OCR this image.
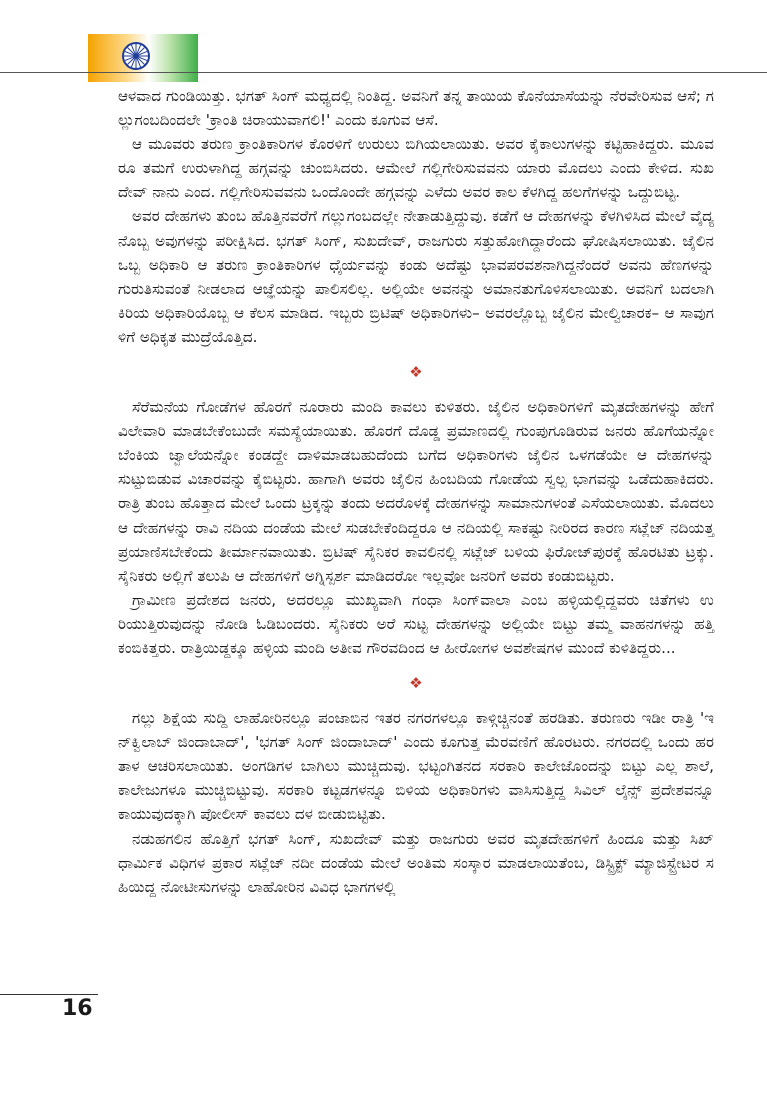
ಆಳವಾದ ಗುಂಡಿಯಿತ್ತು. ಭಗತ್ ಸಿಂಗ್ ಮಧ್ಯದಲ್ಲಿ ನಿಂತಿದ್ದ. ಅವನಿಗೆ ತನ್ನ ತಾಯಿಯ ಕೊನೆಯಾಸೆಯನ್ನು ನೆರವೇರಿಸುವ ಆಸೆ; ಗಲ್ಲುಗಂಬದಿಂದಲೇ 'ಕ್ರಾಂತಿ ಚಿರಾಯುವಾಗಲಿ!' ಎಂದು ಕೂಗುವ ಆಸೆ.

ಆ ಮೂವರು ತರುಣ ಕ್ರಾಂತಿಕಾರಿಗಳ ಕೊರಳಿಗೆ ಉರುಲು ಬಿಗಿಯಲಾಯಿತು. ಅವರ ಕೈಕಾಲುಗಳನ್ನು ಕಟ್ಟಿಹಾಕಿದ್ದರು. ಮೂವರೂ ತಮಗೆ ಉರುಳಾಗಿದ್ದ ಹಗ್ಗವನ್ನು ಚುಂಬಿಸಿದರು. ಆಮೇಲೆ ಗಲ್ಲಿಗೇರಿಸುವವನು ಯಾರು ಮೊದಲು ಎಂದು ಕೇಳಿದ. ಸುಖದೇವ್ ನಾನು ಎಂದ. ಗಲ್ಲಿಗೇರಿಸುವವನು ಒಂದೊಂದೇ ಹಗ್ಗವನ್ನು ಎಳೆದು ಅವರ ಕಾಲ ಕೆಳಗಿದ್ದ ಹಲಗೆಗಳನ್ನು ಒದ್ದುಬಿಟ್ಟ.

ಅವರ ದೇಹಗಳು ತುಂಬ ಹೊತ್ತಿನವರೆಗೆ ಗಲ್ಲುಗಂಬದಲ್ಲೇ ನೇತಾಡುತ್ತಿದ್ದುವು. ಕಡೆಗೆ ಆ ದೇಹಗಳನ್ನು ಕೆಳಗಿಳಿಸಿದ ಮೇಲೆ ವೈದ್ಯನೊಬ್ಬ ಅವುಗಳನ್ನು ಪರೀಕ್ಷಿಸಿದ. ಭಗತ್ ಸಿಂಗ್, ಸುಖದೇವ್, ರಾಜಗುರು ಸತ್ತುಹೋಗಿದ್ದಾರೆಂದು ಘೋಷಿಸಲಾಯಿತು. ಜೈಲಿನ ಒಬ್ಬ ಅಧಿಕಾರಿ ಆ ತರುಣ ಕ್ರಾಂತಿಕಾರಿಗಳ ಧೈರ್ಯವನ್ನು ಕಂಡು ಅದೆಷ್ಟು ಭಾವಪರವಶನಾಗಿದ್ದನೆಂದರೆ ಅವನು ಹೆಣಗಳನ್ನು ಗುರುತಿಸುವಂತೆ ನೀಡಲಾದ ಆಜ್ಞೆಯನ್ನು ಪಾಲಿಸಲಿಲ್ಲ. ಅಲ್ಲಿಯೇ ಅವನನ್ನು ಅಮಾನತುಗೊಳಿಸಲಾಯಿತು. ಅವನಿಗೆ ಬದಲಾಗಿ ಕಿರಿಯ ಅಧಿಕಾರಿಯೊಬ್ಬ ಆ ಕೆಲಸ ಮಾಡಿದ. ಇಬ್ಬರು ಬ್ರಿಟಿಷ್ ಅಧಿಕಾರಿಗಳು– ಅವರಲ್ಲೊಬ್ಬ ಜೈಲಿನ ಮೇಲ್ವಿಚಾರಕ– ಆ ಸಾವುಗಳಿಗೆ ಅಧಿಕೃತ ಮುದ್ರೆಯೊತ್ತಿದ.

❖

ಸೆರೆಮನೆಯ ಗೋಡೆಗಳ ಹೊರಗೆ ನೂರಾರು ಮಂದಿ ಕಾವಲು ಕುಳಿತರು. ಜೈಲಿನ ಅಧಿಕಾರಿಗಳಿಗೆ ಮೃತದೇಹಗಳನ್ನು ಹೇಗೆ ವಿಲೇವಾರಿ ಮಾಡಬೇಕೆಂಬುದೇ ಸಮಸ್ಯೆಯಾಯಿತು. ಹೊರಗೆ ದೊಡ್ಡ ಪ್ರಮಾಣದಲ್ಲಿ ಗುಂಪುಗೂಡಿರುವ ಜನರು ಹೊಗೆಯನ್ನೋ ಬೆಂಕಿಯ ಜ್ವಾಲೆಯನ್ನೋ ಕಂಡದ್ದೇ ದಾಳಿಮಾಡಬಹುದೆಂದು ಬಗೆದ ಅಧಿಕಾರಿಗಳು ಜೈಲಿನ ಒಳಗಡೆಯೇ ಆ ದೇಹಗಳನ್ನು ಸುಟ್ಟುಬಿಡುವ ವಿಚಾರವನ್ನು ಕೈಬಿಟ್ಟರು. ಹಾಗಾಗಿ ಅವರು ಜೈಲಿನ ಹಿಂಬದಿಯ ಗೋಡೆಯ ಸ್ವಲ್ಪ ಭಾಗವನ್ನು ಒಡೆದುಹಾಕಿದರು. ರಾತ್ರಿ ತುಂಬ ಹೊತ್ತಾದ ಮೇಲೆ ಒಂದು ಟ್ರಕ್ಕನ್ನು ತಂದು ಅದರೊಳಕ್ಕೆ ದೇಹಗಳನ್ನು ಸಾಮಾನುಗಳಂತೆ ಎಸೆಯಲಾಯಿತು. ಮೊದಲು ಆ ದೇಹಗಳನ್ನು ರಾವಿ ನದಿಯ ದಂಡೆಯ ಮೇಲೆ ಸುಡಬೇಕೆಂದಿದ್ದರೂ ಆ ನದಿಯಲ್ಲಿ ಸಾಕಷ್ಟು ನೀರಿರದ ಕಾರಣ ಸಟ್ಲೆಜ್ ನದಿಯತ್ತ ಪ್ರಯಾಣಿಸಬೇಕೆಂದು ತೀರ್ಮಾನವಾಯಿತು. ಬ್ರಿಟಿಷ್ ಸೈನಿಕರ ಕಾವಲಿನಲ್ಲಿ ಸಟ್ಲೆಜ್ ಬಳಿಯ ಫಿರೋಜ್‌ಪುರಕ್ಕೆ ಹೊರಟಿತು ಟ್ರಕ್ಕು. ಸೈನಿಕರು ಅಲ್ಲಿಗೆ ತಲುಪಿ ಆ ದೇಹಗಳಿಗೆ ಅಗ್ನಿಸ್ಪರ್ಶ ಮಾಡಿದರೋ ಇಲ್ಲವೋ ಜನರಿಗೆ ಅವರು ಕಂಡುಬಿಟ್ಟರು.

ಗ್ರಾಮೀಣ ಪ್ರದೇಶದ ಜನರು, ಅದರಲ್ಲೂ ಮುಖ್ಯವಾಗಿ ಗಂಧಾ ಸಿಂಗ್‌ವಾಲಾ ಎಂಬ ಹಳ್ಳಿಯಲ್ಲಿದ್ದವರು ಚಿತೆಗಳು ಉರಿಯುತ್ತಿರುವುದನ್ನು ನೋಡಿ ಓಡಿಬಂದರು. ಸೈನಿಕರು ಅರೆ ಸುಟ್ಟ ದೇಹಗಳನ್ನು ಅಲ್ಲಿಯೇ ಬಿಟ್ಟು ತಮ್ಮ ವಾಹನಗಳನ್ನು ಹತ್ತಿ ಕಂಬಿಕಿತ್ತರು. ರಾತ್ರಿಯಿಡ್ದಕ್ಕೂ ಹಳ್ಳಿಯ ಮಂದಿ ಅತೀವ ಗೌರವದಿಂದ ಆ ಹೀರೋಗಳ ಅವಶೇಷಗಳ ಮುಂದೆ ಕುಳಿತಿದ್ದರು...

❖

ಗಲ್ಲು ಶಿಕ್ಷೆಯ ಸುದ್ದಿ ಲಾಹೋರಿನಲ್ಲೂ ಪಂಜಾಬಿನ ಇತರ ನಗರಗಳಲ್ಲೂ ಕಾಳ್ಗಿಚ್ಚಿನಂತೆ ಹರಡಿತು. ತರುಣರು ಇಡೀ ರಾತ್ರಿ 'ಇನ್‌ಕ್ವಿಲಾಬ್ ಜಿಂದಾಬಾದ್', 'ಭಗತ್ ಸಿಂಗ್ ಜಿಂದಾಬಾದ್' ಎಂದು ಕೂಗುತ್ತ ಮೆರವಣಿಗೆ ಹೊರಟರು. ನಗರದಲ್ಲಿ ಒಂದು ಹರತಾಳ ಆಚರಿಸಲಾಯಿತು. ಅಂಗಡಿಗಳ ಬಾಗಿಲು ಮುಚ್ಚಿದುವು. ಭಟ್ಟಂಗಿತನದ ಸರಕಾರಿ ಕಾಲೇಜೊಂದನ್ನು ಬಿಟ್ಟು ಎಲ್ಲ ಶಾಲೆ, ಕಾಲೇಜುಗಳೂ ಮುಚ್ಚಿಬಿಟ್ಟುವು. ಸರಕಾರಿ ಕಟ್ಟಡಗಳನ್ನೂ ಬಿಳಿಯ ಅಧಿಕಾರಿಗಳು ವಾಸಿಸುತ್ತಿದ್ದ ಸಿವಿಲ್ ಲೈನ್ಸ್ ಪ್ರದೇಶವನ್ನೂ ಕಾಯುವುದಕ್ಕಾಗಿ ಪೋಲೀಸ್ ಕಾವಲು ದಳ ಬೀಡುಬಿಟ್ಟಿತು.

ನಡುಹಗಲಿನ ಹೊತ್ತಿಗೆ ಭಗತ್ ಸಿಂಗ್, ಸುಖದೇವ್ ಮತ್ತು ರಾಜಗುರು ಅವರ ಮೃತದೇಹಗಳಿಗೆ ಹಿಂದೂ ಮತ್ತು ಸಿಖ್ ಧಾರ್ಮಿಕ ವಿಧಿಗಳ ಪ್ರಕಾರ ಸಟ್ಲೆಜ್ ನದೀ ದಂಡೆಯ ಮೇಲೆ ಅಂತಿಮ ಸಂಸ್ಕಾರ ಮಾಡಲಾಯಿತೆಂಬ, ಡಿಸ್ಟ್ರಿಕ್ಟ್ ಮ್ಯಾಜಿಸ್ಟ್ರೇಟರ ಸಹಿಯಿದ್ದ ನೋಟೀಸುಗಳನ್ನು ಲಾಹೋರಿನ ವಿವಿಧ ಭಾಗಗಳಲ್ಲಿ

16
